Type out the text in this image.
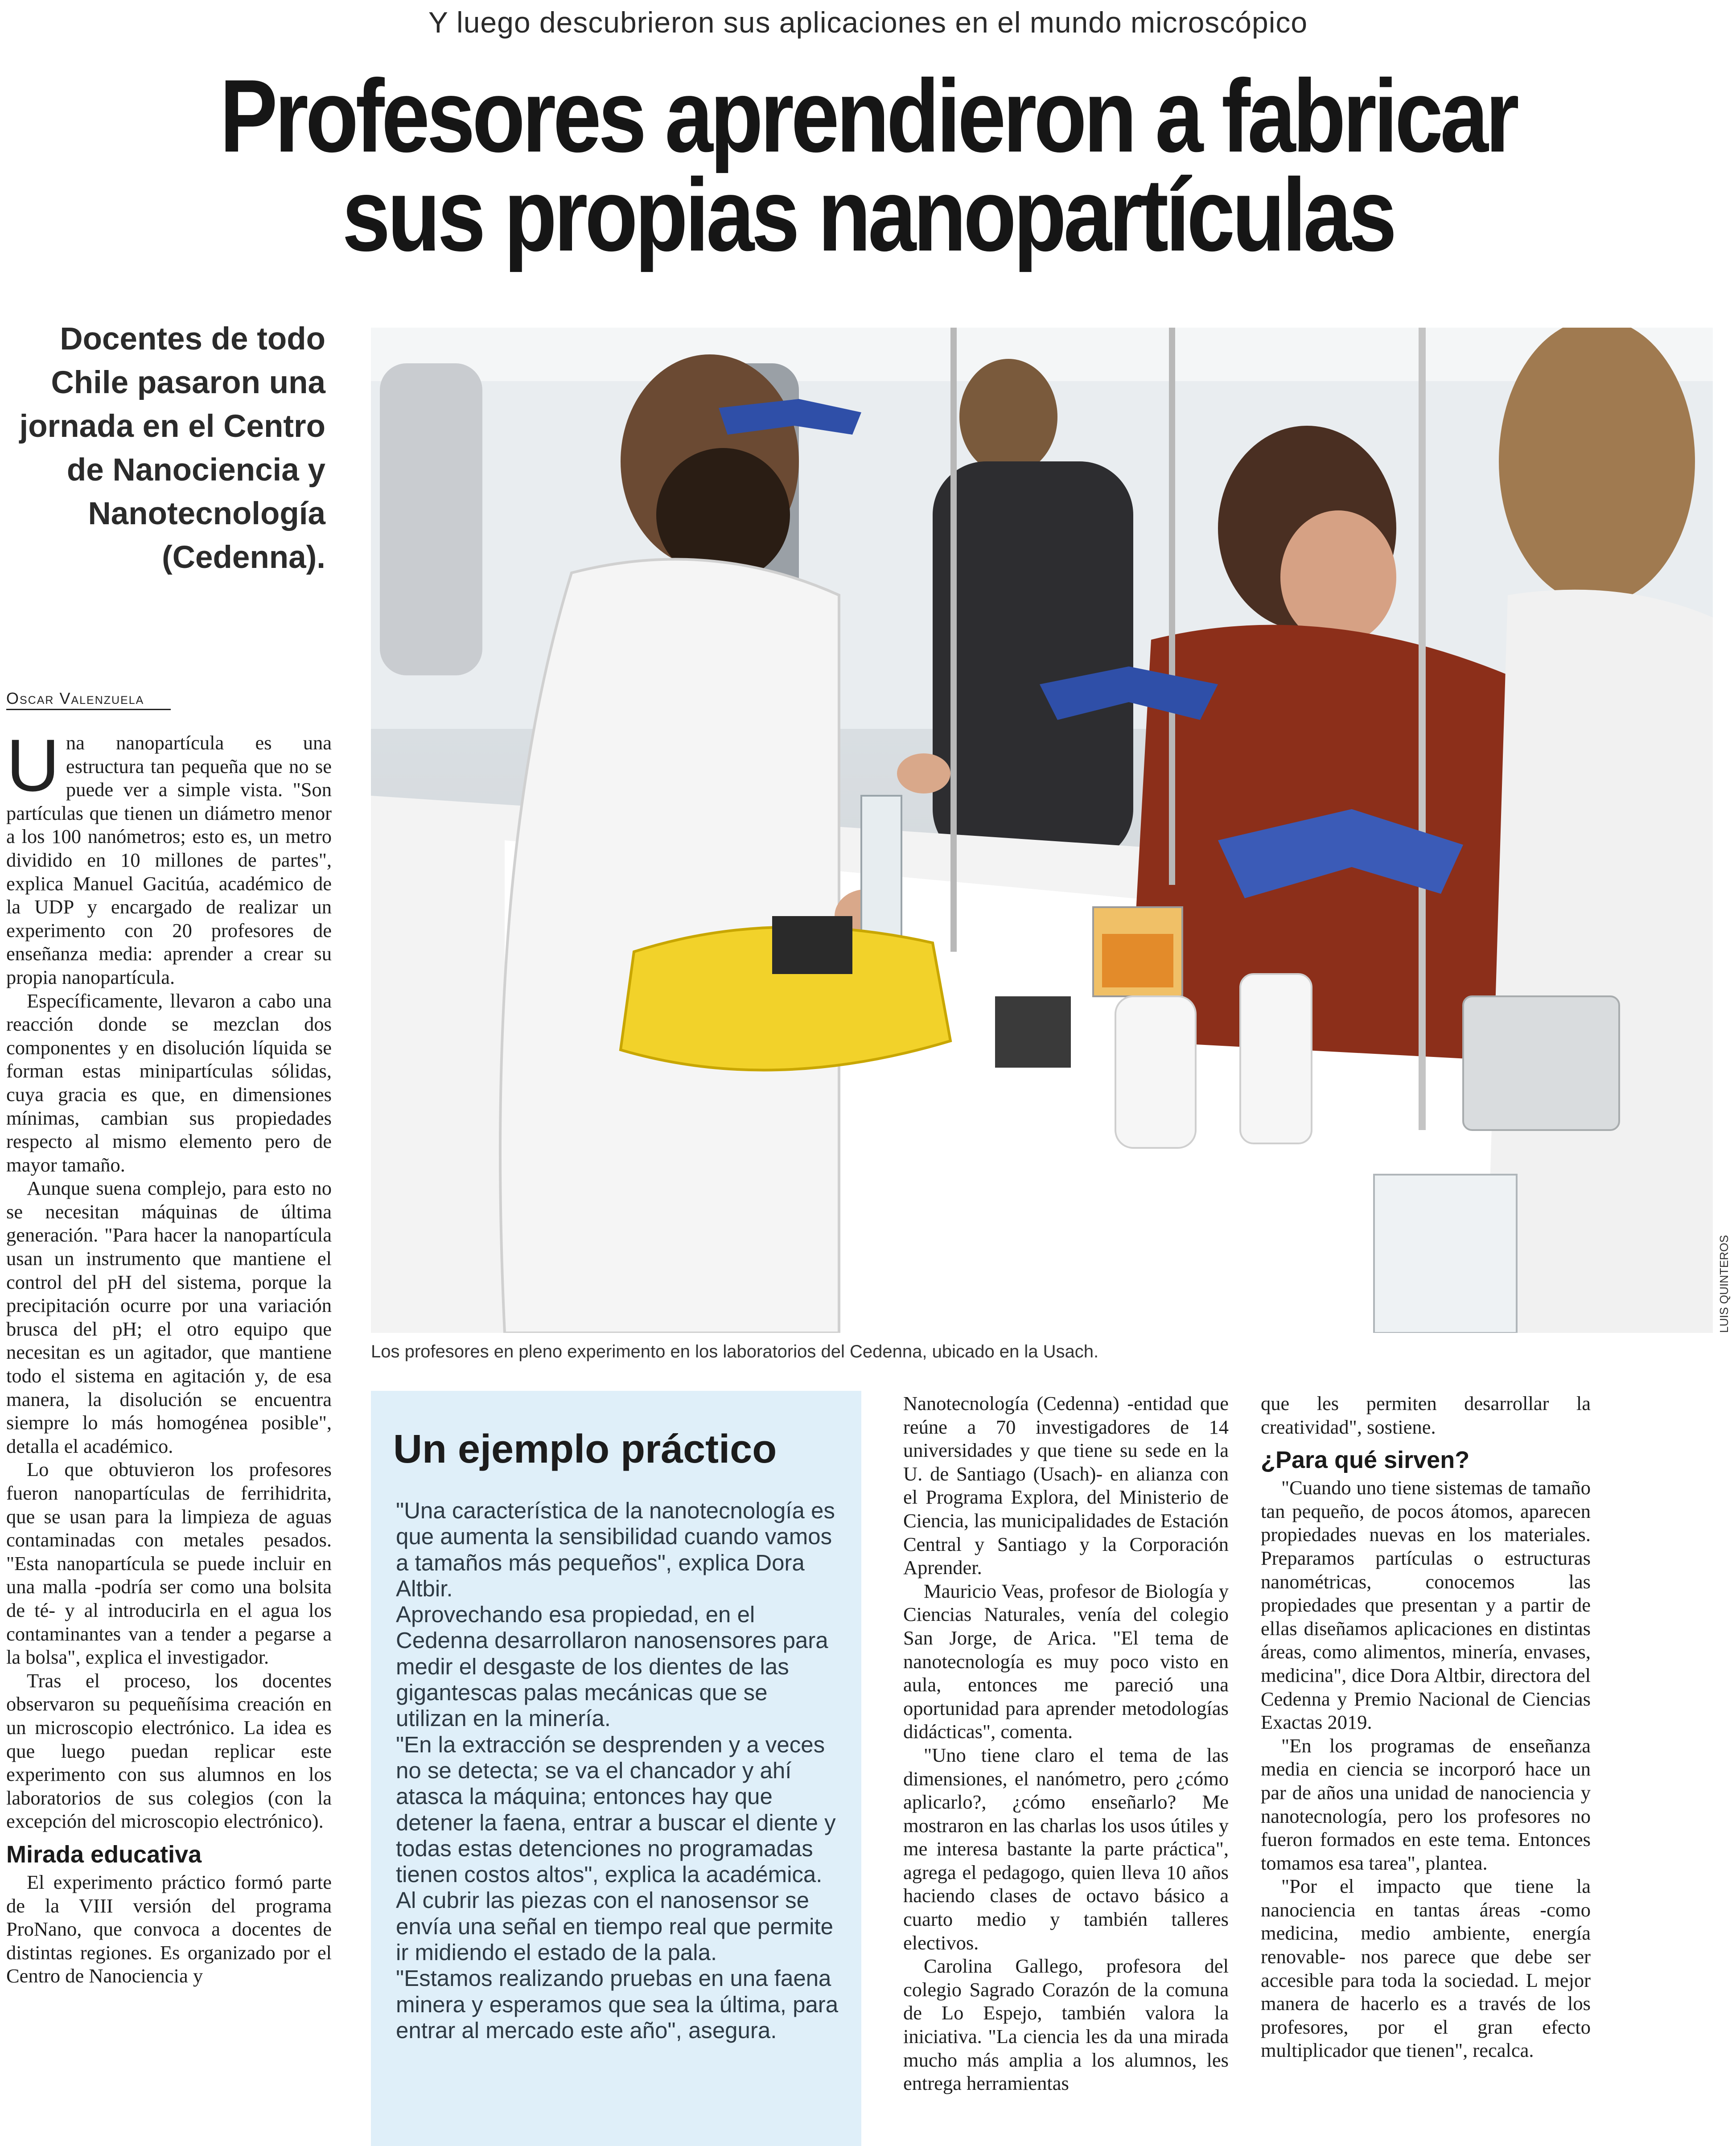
Y luego descubrieron sus aplicaciones en el mundo microscópico
Profesores aprendieron a fabricar
sus propias nanopartículas
Docentes de todo Chile pasaron una jornada en el Centro de Nanociencia y Nanotecnología (Cedenna).
LUIS QUINTEROS
Los profesores en pleno experimento en los laboratorios del Cedenna, ubicado en la Usach.
Oscar Valenzuela

Una nanopartícula es una estructura tan pequeña que no se puede ver a simple vista. "Son partículas que tienen un diámetro menor a los 100 nanómetros; esto es, un metro dividido en 10 millones de partes", explica Manuel Gacitúa, académico de la UDP y encargado de realizar un experimento con 20 profesores de enseñanza media: aprender a crear su propia nanopartícula.

Específicamente, llevaron a cabo una reacción donde se mezclan dos componentes y en disolución líquida se forman estas minipartículas sólidas, cuya gracia es que, en dimensiones mínimas, cambian sus propiedades respecto al mismo elemento pero de mayor tamaño.

Aunque suena complejo, para esto no se necesitan máquinas de última generación. "Para hacer la nanopartícula usan un instrumento que mantiene el control del pH del sistema, porque la precipitación ocurre por una variación brusca del pH; el otro equipo que necesitan es un agitador, que mantiene todo el sistema en agitación y, de esa manera, la disolución se encuentra siempre lo más homogénea posible", detalla el académico.

Lo que obtuvieron los profesores fueron nanopartículas de ferrihidrita, que se usan para la limpieza de aguas contaminadas con metales pesados. "Esta nanopartícula se puede incluir en una malla -podría ser como una bolsita de té- y al introducirla en el agua los contaminantes van a tender a pegarse a la bolsa", explica el investigador.

Tras el proceso, los docentes observaron su pequeñísima creación en un microscopio electrónico. La idea es que luego puedan replicar este experimento con sus alumnos en los laboratorios de sus colegios (con la excepción del microscopio electrónico).

Mirada educativa

El experimento práctico formó parte de la VIII versión del programa ProNano, que convoca a docentes de distintas regiones. Es organizado por el Centro de Nanociencia y

Un ejemplo práctico

"Una característica de la nanotecnología es que aumenta la sensibilidad cuando vamos a tamaños más pequeños", explica Dora Altbir.

Aprovechando esa propiedad, en el Cedenna desarrollaron nanosensores para medir el desgaste de los dientes de las gigantescas palas mecánicas que se utilizan en la minería.

"En la extracción se desprenden y a veces no se detecta; se va el chancador y ahí atasca la máquina; entonces hay que detener la faena, entrar a buscar el diente y todas estas detenciones no programadas tienen costos altos", explica la académica.

Al cubrir las piezas con el nanosensor se envía una señal en tiempo real que permite ir midiendo el estado de la pala.

"Estamos realizando pruebas en una faena minera y esperamos que sea la última, para entrar al mercado este año", asegura.

Nanotecnología (Cedenna) -entidad que reúne a 70 investigadores de 14 universidades y que tiene su sede en la U. de Santiago (Usach)- en alianza con el Programa Explora, del Ministerio de Ciencia, las municipalidades de Estación Central y Santiago y la Corporación Aprender.

Mauricio Veas, profesor de Biología y Ciencias Naturales, venía del colegio San Jorge, de Arica. "El tema de nanotecnología es muy poco visto en aula, entonces me pareció una oportunidad para aprender metodologías didácticas", comenta.

"Uno tiene claro el tema de las dimensiones, el nanómetro, pero ¿cómo aplicarlo?, ¿cómo enseñarlo? Me mostraron en las charlas los usos útiles y me interesa bastante la parte práctica", agrega el pedagogo, quien lleva 10 años haciendo clases de octavo básico a cuarto medio y también talleres electivos.

Carolina Gallego, profesora del colegio Sagrado Corazón de la comuna de Lo Espejo, también valora la iniciativa. "La ciencia les da una mirada mucho más amplia a los alumnos, les entrega herramientas

que les permiten desarrollar la creatividad", sostiene.

¿Para qué sirven?

"Cuando uno tiene sistemas de tamaño tan pequeño, de pocos átomos, aparecen propiedades nuevas en los materiales. Preparamos partículas o estructuras nanométricas, conocemos las propiedades que presentan y a partir de ellas diseñamos aplicaciones en distintas áreas, como alimentos, minería, envases, medicina", dice Dora Altbir, directora del Cedenna y Premio Nacional de Ciencias Exactas 2019.

"En los programas de enseñanza media en ciencia se incorporó hace un par de años una unidad de nanociencia y nanotecnología, pero los profesores no fueron formados en este tema. Entonces tomamos esa tarea", plantea.

"Por el impacto que tiene la nanociencia en tantas áreas -como medicina, medio ambiente, energía renovable- nos parece que debe ser accesible para toda la sociedad. L mejor manera de hacerlo es a través de los profesores, por el gran efecto multiplicador que tienen", recalca.
